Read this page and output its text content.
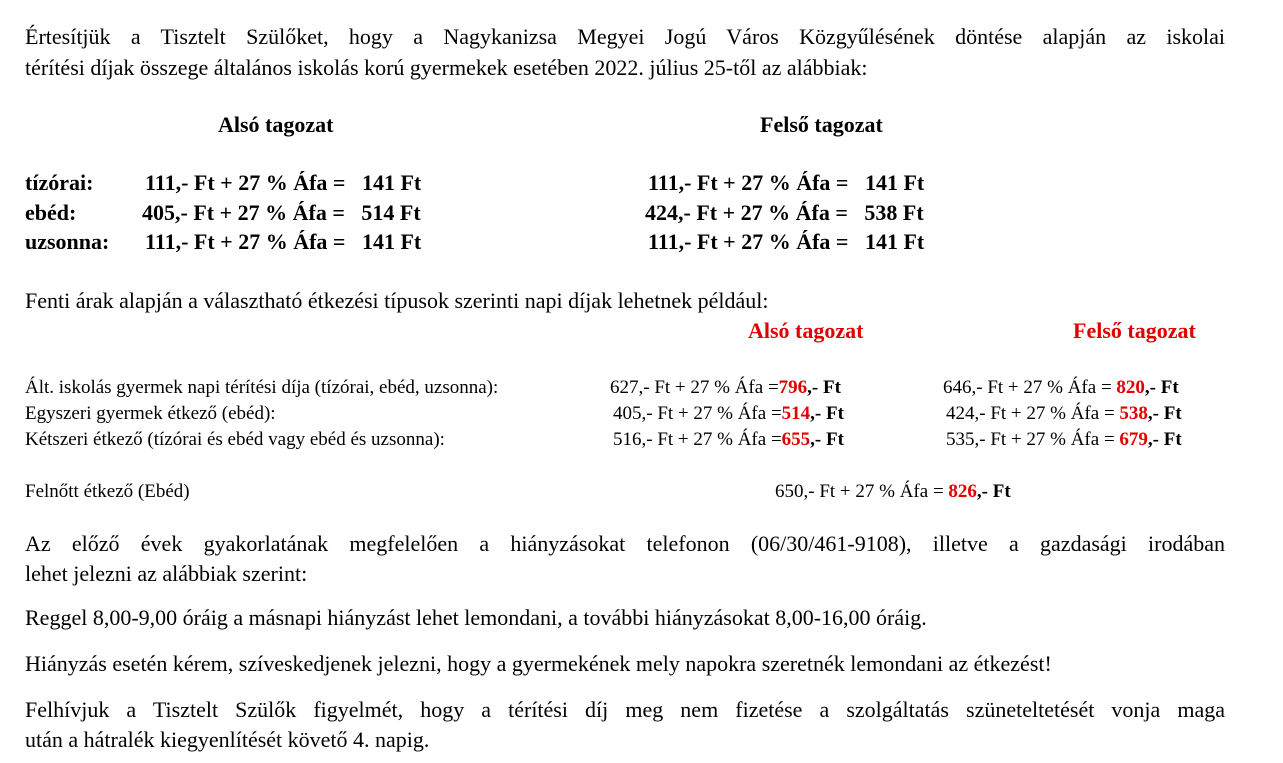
Értesítjük a Tisztelt Szülőket, hogy a Nagykanizsa Megyei Jogú Város Közgyűlésének döntése alapján az iskolai
térítési díjak összege általános iskolás korú gyermekek esetében 2022. július 25-től az alábbiak:
Alsó tagozat	Felső tagozat
tízórai: 111,- Ft + 27 % Áfa =   141 Ft	111,- Ft + 27 % Áfa =   141 Ft
ebéd:	405,- Ft + 27 % Áfa =   514 Ft	424,- Ft + 27 % Áfa =   538 Ft
uzsonna: 111,- Ft + 27 % Áfa =   141 Ft	111,- Ft + 27 % Áfa =   141 Ft
Fenti árak alapján a választható étkezési típusok szerinti napi díjak lehetnek például:
Alsó tagozat	Felső tagozat
Ált. iskolás gyermek napi térítési díja (tízórai, ebéd, uzsonna):	627,- Ft + 27 % Áfa =796,- Ft	646,- Ft + 27 % Áfa = 820,- Ft
Egyszeri gyermek étkező (ebéd):	405,- Ft + 27 % Áfa =514,- Ft	424,- Ft + 27 % Áfa = 538,- Ft
Kétszeri étkező (tízórai és ebéd vagy ebéd és uzsonna):	516,- Ft + 27 % Áfa =655,- Ft	535,- Ft + 27 % Áfa = 679,- Ft
Felnőtt étkező (Ebéd)	650,- Ft + 27 % Áfa = 826,- Ft
Az előző évek gyakorlatának megfelelően a hiányzásokat telefonon (06/30/461-9108), illetve a gazdasági irodában
lehet jelezni az alábbiak szerint:
Reggel 8,00-9,00 óráig a másnapi hiányzást lehet lemondani, a további hiányzásokat 8,00-16,00 óráig.
Hiányzás esetén kérem, szíveskedjenek jelezni, hogy a gyermekének mely napokra szeretnék lemondani az étkezést!
Felhívjuk a Tisztelt Szülők figyelmét, hogy a térítési díj meg nem fizetése a szolgáltatás szüneteltetését vonja maga
után a hátralék kiegyenlítését követő 4. napig.
